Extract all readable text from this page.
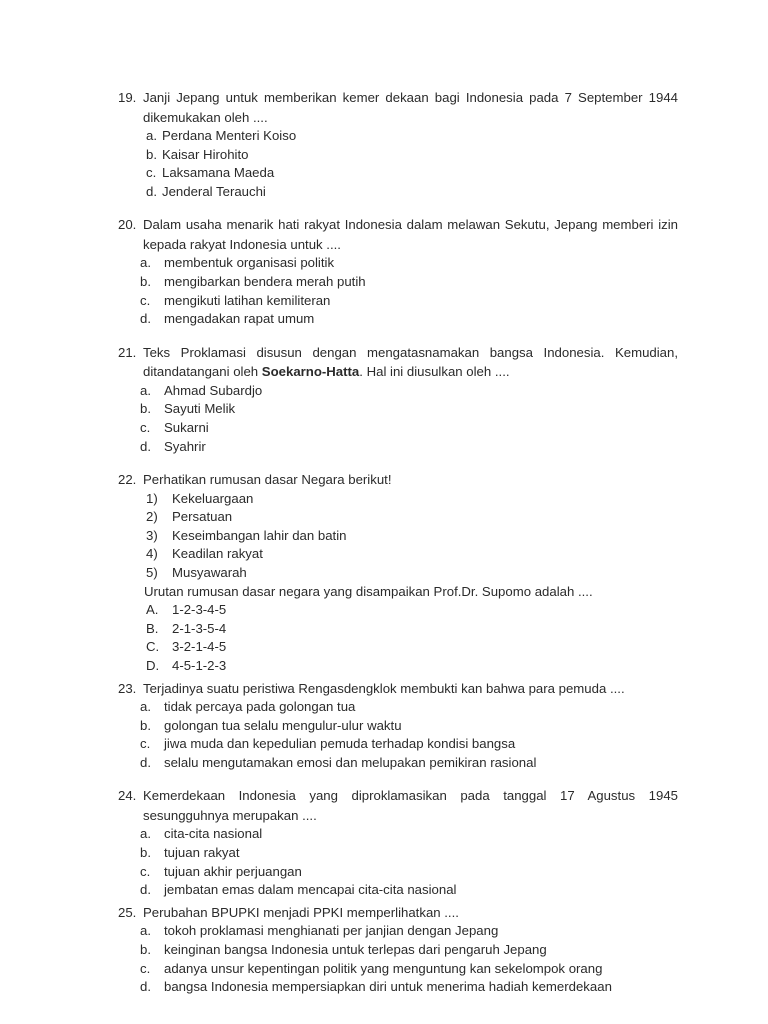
19. Janji Jepang untuk memberikan kemer dekaan bagi Indonesia pada 7 September 1944 dikemukakan oleh ....
a. Perdana Menteri Koiso
b. Kaisar Hirohito
c. Laksamana Maeda
d. Jenderal Terauchi
20. Dalam usaha menarik hati rakyat Indonesia dalam melawan Sekutu, Jepang memberi izin kepada rakyat Indonesia untuk ....
a. membentuk organisasi politik
b. mengibarkan bendera merah putih
c.	mengikuti latihan kemiliteran
d. mengadakan rapat umum
21. Teks Proklamasi disusun dengan mengatasnamakan bangsa Indonesia. Kemudian, ditandatangani oleh Soekarno-Hatta. Hal ini diusulkan oleh ....
a. Ahmad Subardjo
b. Sayuti Melik
c.	Sukarni
d. Syahrir
22. Perhatikan rumusan dasar Negara berikut!
1)	Kekeluargaan
2)	Persatuan
3)	Keseimbangan lahir dan batin
4)	Keadilan rakyat
5)	Musyawarah
Urutan rumusan dasar negara yang disampaikan Prof.Dr. Supomo adalah ....
A.	1-2-3-4-5
B.	2-1-3-5-4
C. 3-2-1-4-5
D. 4-5-1-2-3
23. Terjadinya suatu peristiwa Rengasdengklok membukti kan bahwa para pemuda ....
a. tidak percaya pada golongan tua
b. golongan tua selalu mengulur-ulur waktu
c.	jiwa muda dan kepedulian pemuda terhadap kondisi bangsa
d. selalu mengutamakan emosi dan melupakan pemikiran rasional
24. Kemerdekaan Indonesia yang diproklamasikan pada tanggal 17 Agustus 1945 sesungguhnya merupakan ....
a. cita-cita nasional
b. tujuan rakyat
c.	tujuan akhir perjuangan
d. jembatan emas dalam mencapai cita-cita nasional
25. Perubahan BPUPKI menjadi PPKI memperlihatkan ....
a. tokoh proklamasi menghianati per janjian dengan Jepang
b. keinginan bangsa Indonesia untuk terlepas dari pengaruh Jepang
c.	adanya unsur kepentingan politik yang menguntung kan sekelompok orang
d. bangsa Indonesia mempersiapkan diri untuk menerima hadiah kemerdekaan
